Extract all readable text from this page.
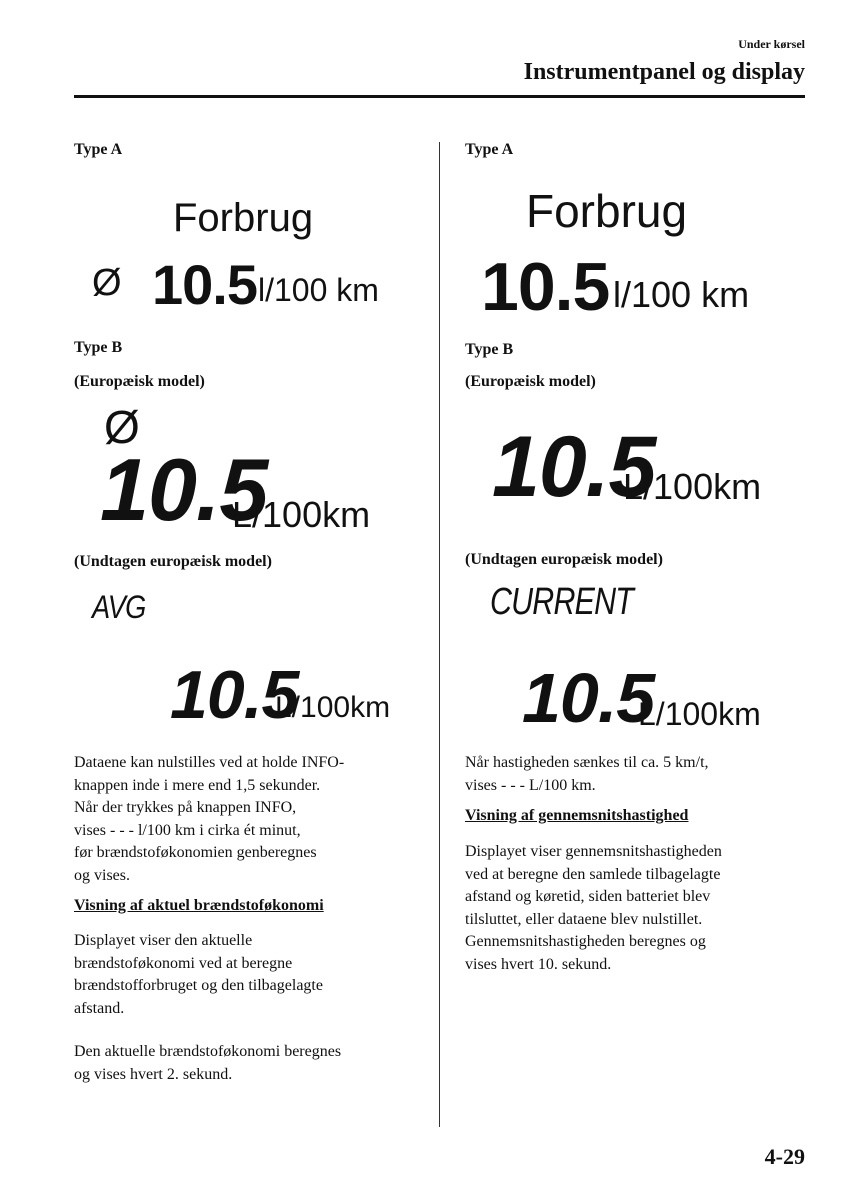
Under kørsel
Instrumentpanel og display
Type A
Forbrug
Ø 10.5 l/100 km
Type B
(Europæisk model)
Ø
10.5
L/100km
(Undtagen europæisk model)
AVG
10.5
L/100km
Dataene kan nulstilles ved at holde INFO-
knappen inde i mere end 1,5 sekunder.
Når der trykkes på knappen INFO,
vises - - - l/100 km i cirka ét minut,
før brændstoføkonomien genberegnes
og vises.
Visning af aktuel brændstoføkonomi
Displayet viser den aktuelle
brændstoføkonomi ved at beregne
brændstofforbruget og den tilbagelagte
afstand.
Den aktuelle brændstoføkonomi beregnes
og vises hvert 2. sekund.
Type A
Forbrug
10.5 l/100 km
Type B
(Europæisk model)
10.5
L/100km
(Undtagen europæisk model)
CURRENT
10.5
L/100km
Når hastigheden sænkes til ca. 5 km/t,
vises - - - L/100 km.
Visning af gennemsnitshastighed
Displayet viser gennemsnitshastigheden
ved at beregne den samlede tilbagelagte
afstand og køretid, siden batteriet blev
tilsluttet, eller dataene blev nulstillet.
Gennemsnitshastigheden beregnes og
vises hvert 10. sekund.
4-29
